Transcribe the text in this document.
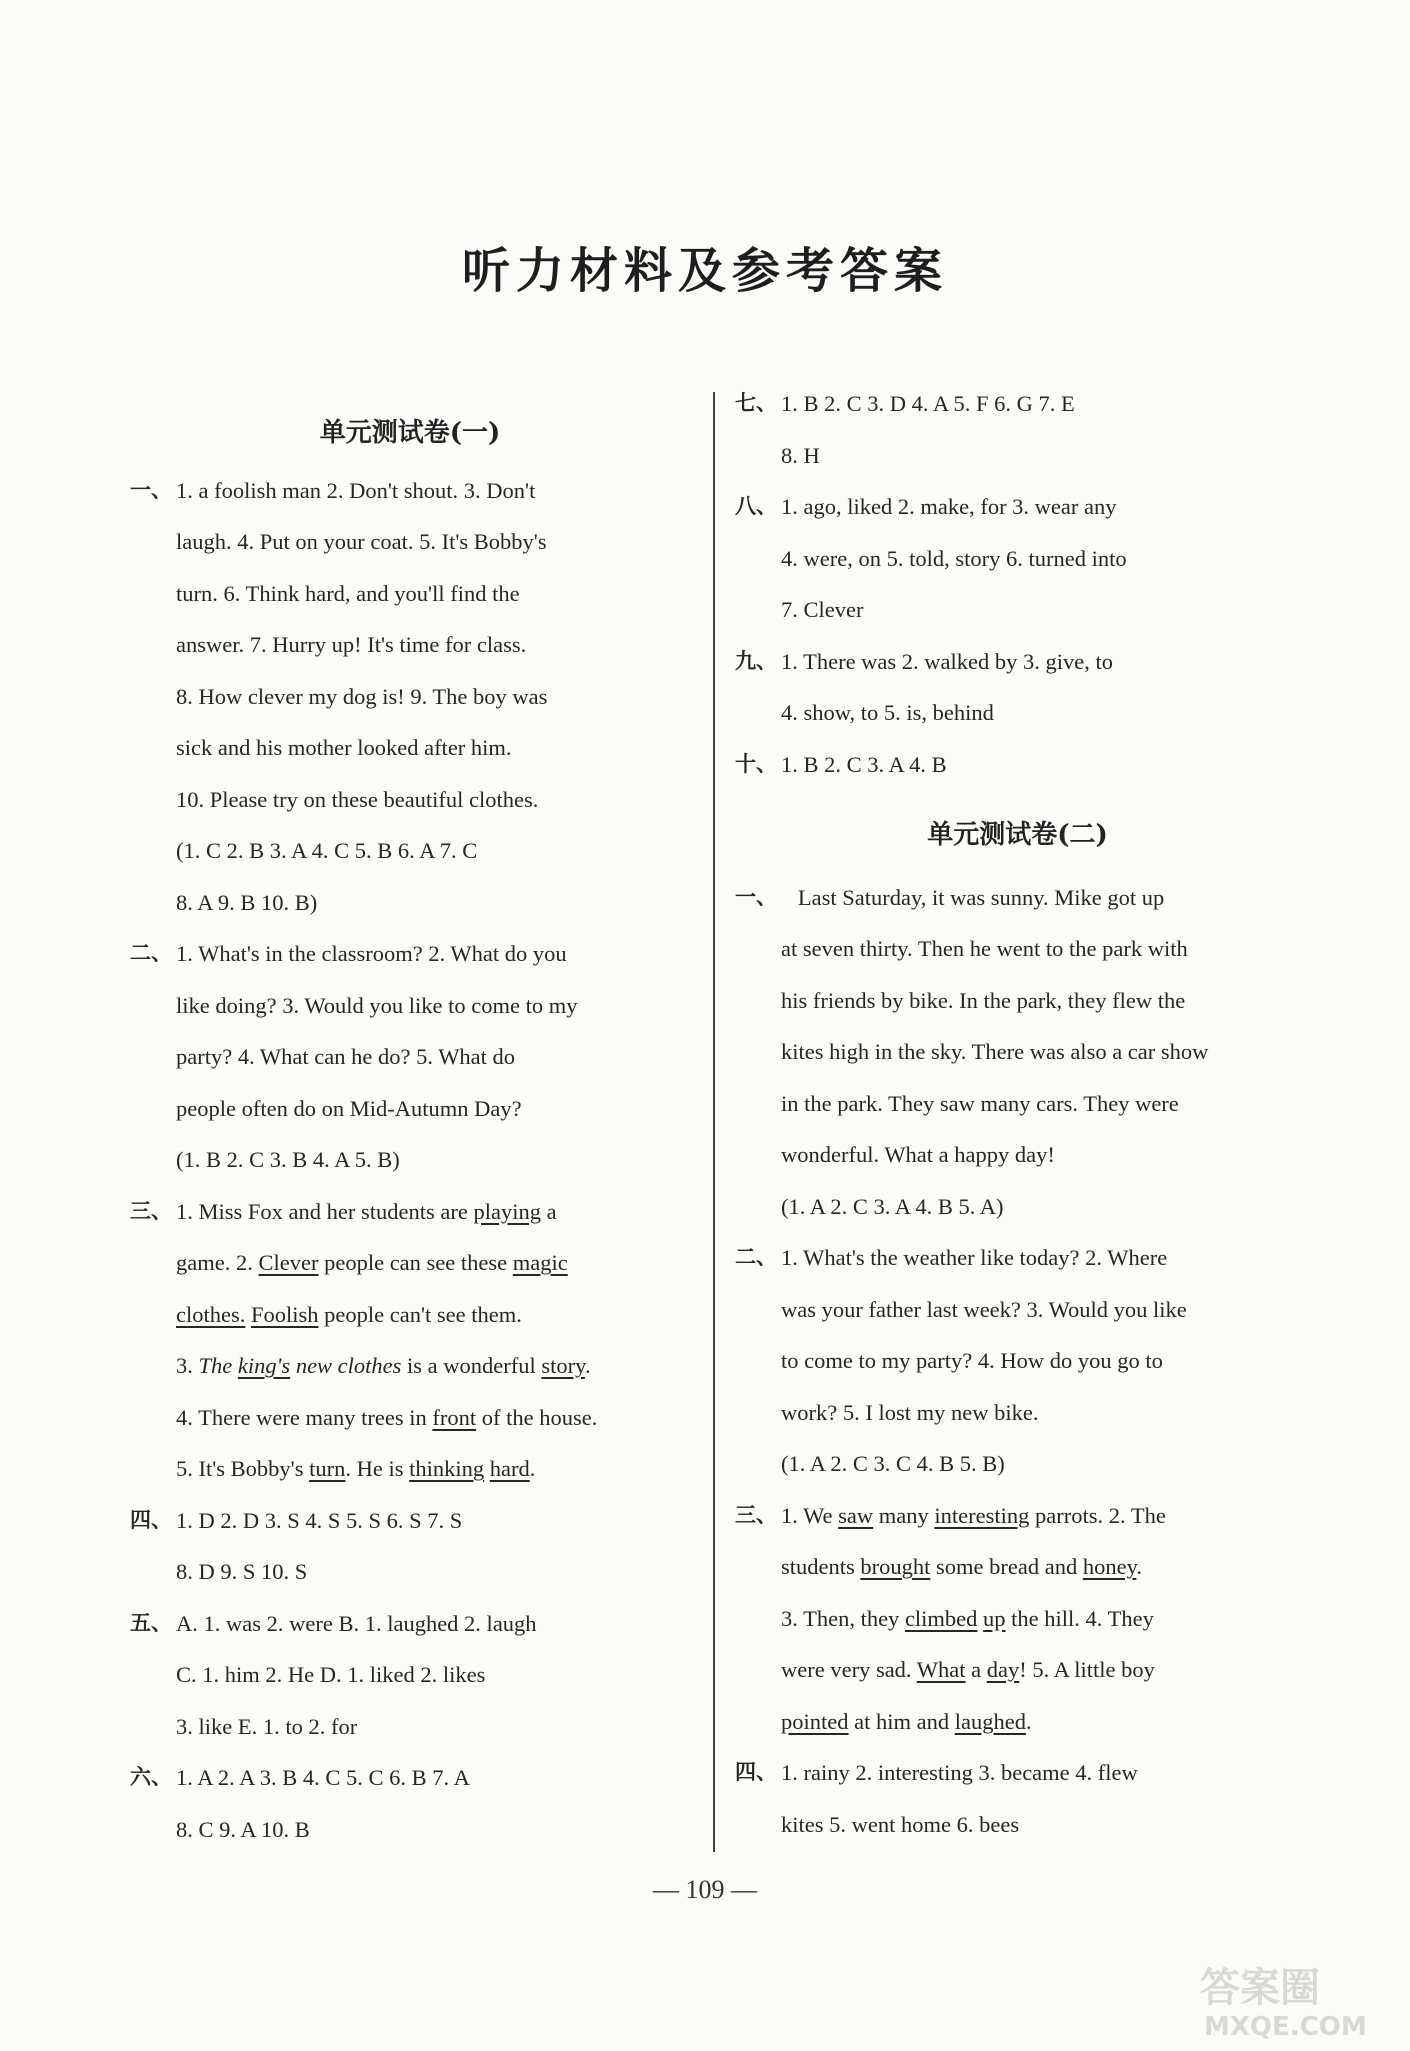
听力材料及参考答案
单元测试卷(一)
一、 1. a foolish man 2. Don't shout. 3. Don't

laugh. 4. Put on your coat. 5. It's Bobby's

turn. 6. Think hard, and you'll find the

answer. 7. Hurry up! It's time for class.

8. How clever my dog is! 9. The boy was

sick and his mother looked after him.

10. Please try on these beautiful clothes.

(1. C 2. B 3. A 4. C 5. B 6. A 7. C

8. A 9. B 10. B)

二、 1. What's in the classroom? 2. What do you

like doing? 3. Would you like to come to my

party? 4. What can he do? 5. What do

people often do on Mid-Autumn Day?

(1. B 2. C 3. B 4. A 5. B)

三、 1. Miss Fox and her students are playing a

game. 2. Clever people can see these magic

clothes. Foolish people can't see them.

3. The king's new clothes is a wonderful story.

4. There were many trees in front of the house.

5. It's Bobby's turn. He is thinking hard.

四、 1. D 2. D 3. S 4. S 5. S 6. S 7. S

8. D 9. S 10. S

五、 A. 1. was 2. were B. 1. laughed 2. laugh

C. 1. him 2. He D. 1. liked 2. likes

3. like E. 1. to 2. for

六、 1. A 2. A 3. B 4. C 5. C 6. B 7. A

8. C 9. A 10. B

七、 1. B 2. C 3. D 4. A 5. F 6. G 7. E

8. H

八、 1. ago, liked 2. make, for 3. wear any

4. were, on 5. told, story 6. turned into

7. Clever

九、 1. There was 2. walked by 3. give, to

4. show, to 5. is, behind

十、 1. B 2. C 3. A 4. B

单元测试卷(二)
一、 Last Saturday, it was sunny. Mike got up

at seven thirty. Then he went to the park with

his friends by bike. In the park, they flew the

kites high in the sky. There was also a car show

in the park. They saw many cars. They were

wonderful. What a happy day!

(1. A 2. C 3. A 4. B 5. A)

二、 1. What's the weather like today? 2. Where

was your father last week? 3. Would you like

to come to my party? 4. How do you go to

work? 5. I lost my new bike.

(1. A 2. C 3. C 4. B 5. B)

三、 1. We saw many interesting parrots. 2. The

students brought some bread and honey.

3. Then, they climbed up the hill. 4. They

were very sad. What a day! 5. A little boy

pointed at him and laughed.

四、 1. rainy 2. interesting 3. became 4. flew

kites 5. went home 6. bees

— 109 —
答案圈
MXQE.COM
